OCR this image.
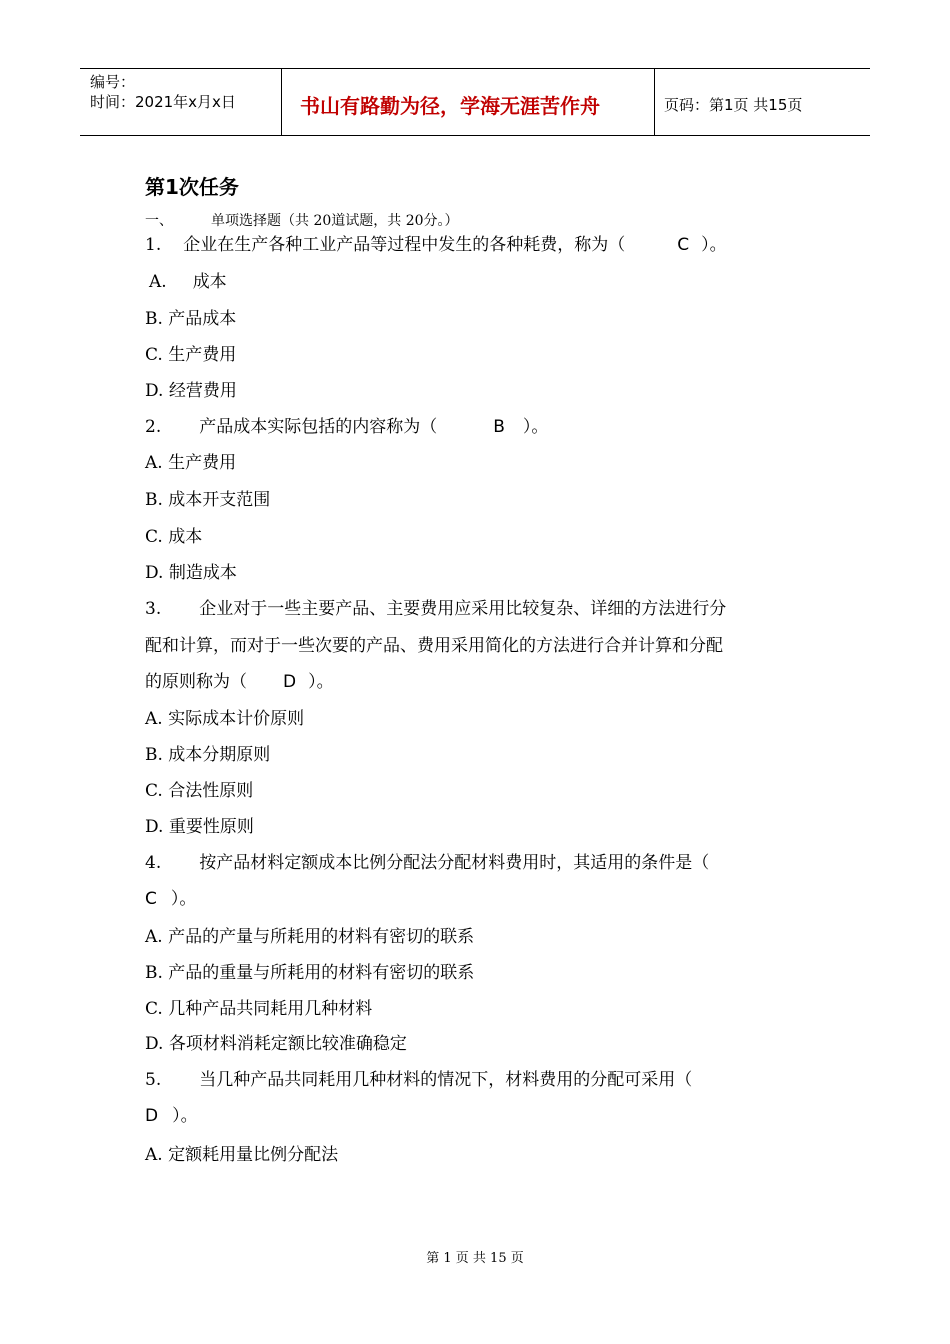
编号：
时间：2021年x月x日	书山有路勤为径，学海无涯苦作舟	页码：第1页 共15页
第1次任务
一、	单项选择题（共 20道试题，共 20分。）
1. 企业在生产各种工业产品等过程中发生的各种耗费，称为（	C ）。
A. 成本
B. 产品成本
C. 生产费用
D. 经营费用
2. 产品成本实际包括的内容称为（	B ）。
A. 生产费用
B. 成本开支范围
C. 成本
D. 制造成本
3. 企业对于一些主要产品、主要费用应采用比较复杂、详细的方法进行分
配和计算，而对于一些次要的产品、费用采用简化的方法进行合并计算和分配
的原则称为（ D ）。
A. 实际成本计价原则
B. 成本分期原则
C. 合法性原则
D. 重要性原则
4. 按产品材料定额成本比例分配法分配材料费用时，其适用的条件是（
C ）。
A. 产品的产量与所耗用的材料有密切的联系
B. 产品的重量与所耗用的材料有密切的联系
C. 几种产品共同耗用几种材料
D. 各项材料消耗定额比较准确稳定
5. 当几种产品共同耗用几种材料的情况下，材料费用的分配可采用（
D ）。
A. 定额耗用量比例分配法
第 1 页 共 15 页
